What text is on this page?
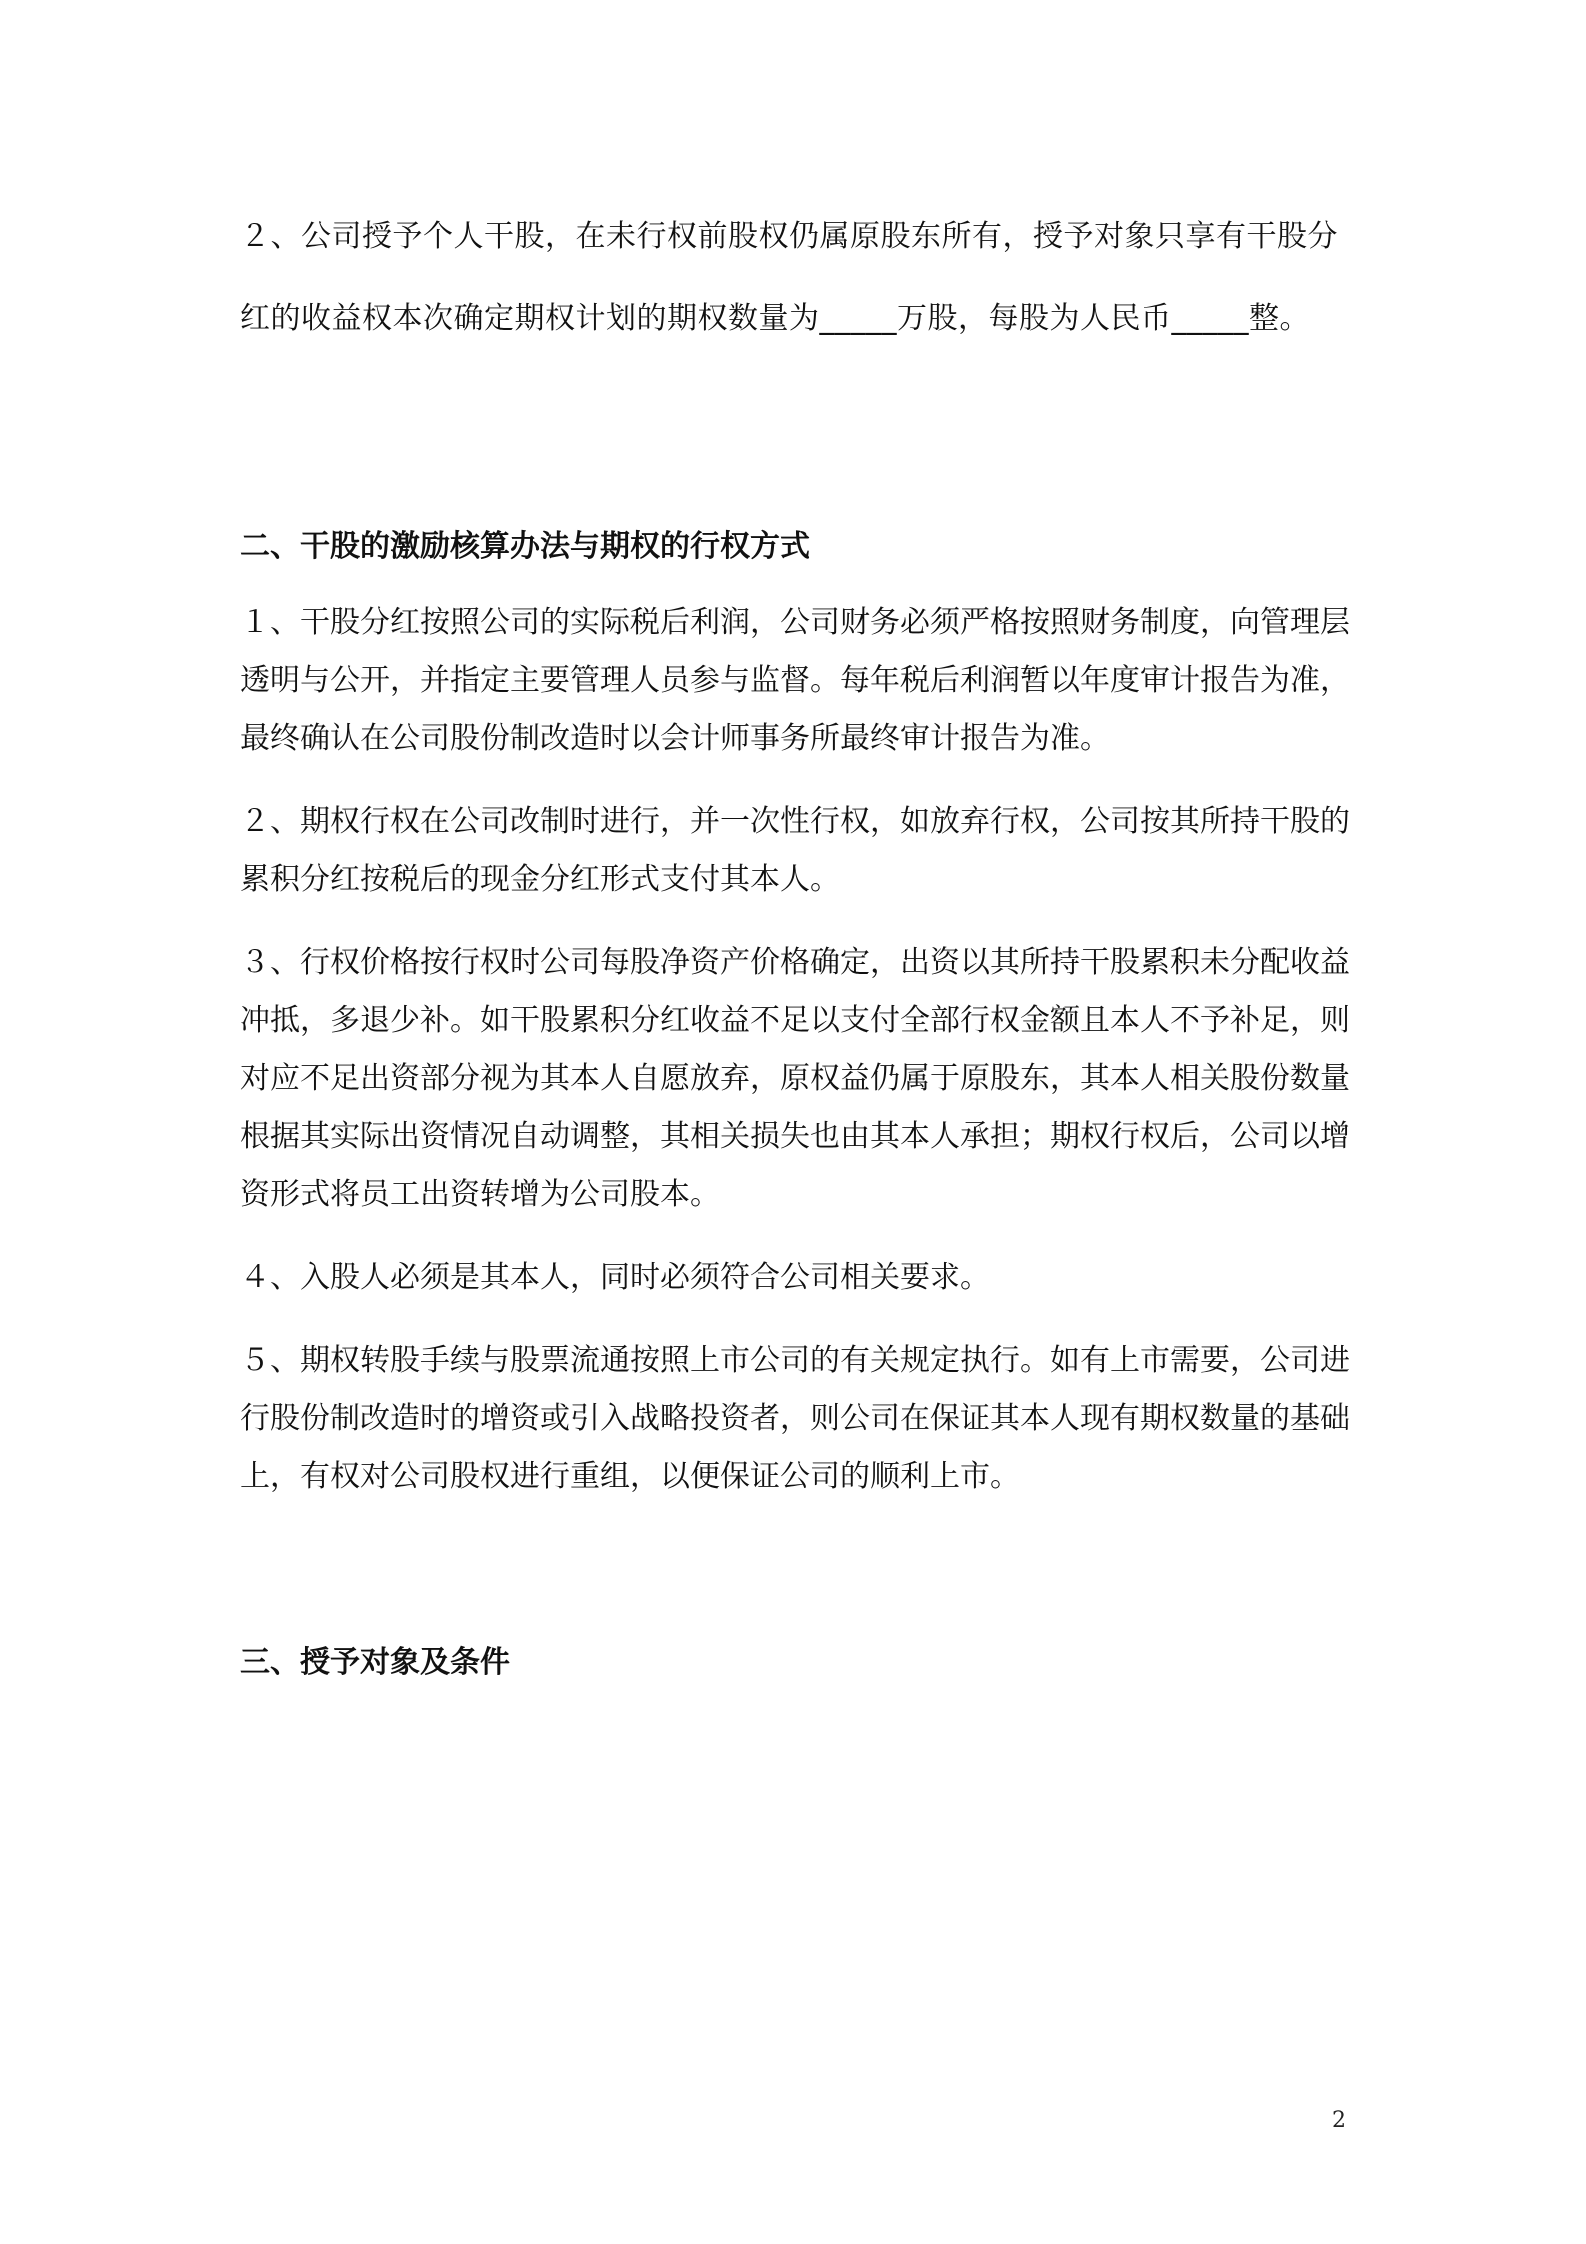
２、公司授予个人干股，在未行权前股权仍属原股东所有，授予对象只享有干股分红的收益权本次确定期权计划的期权数量为_____万股，每股为人民币_____整。

二、干股的激励核算办法与期权的行权方式

１、干股分红按照公司的实际税后利润，公司财务必须严格按照财务制度，向管理层透明与公开，并指定主要管理人员参与监督。每年税后利润暂以年度审计报告为准，最终确认在公司股份制改造时以会计师事务所最终审计报告为准。

２、期权行权在公司改制时进行，并一次性行权，如放弃行权，公司按其所持干股的累积分红按税后的现金分红形式支付其本人。

３、行权价格按行权时公司每股净资产价格确定，出资以其所持干股累积未分配收益冲抵，多退少补。如干股累积分红收益不足以支付全部行权金额且本人不予补足，则对应不足出资部分视为其本人自愿放弃，原权益仍属于原股东，其本人相关股份数量根据其实际出资情况自动调整，其相关损失也由其本人承担；期权行权后，公司以增资形式将员工出资转增为公司股本。

４、入股人必须是其本人，同时必须符合公司相关要求。

５、期权转股手续与股票流通按照上市公司的有关规定执行。如有上市需要，公司进行股份制改造时的增资或引入战略投资者，则公司在保证其本人现有期权数量的基础上，有权对公司股权进行重组，以便保证公司的顺利上市。

三、授予对象及条件
2
